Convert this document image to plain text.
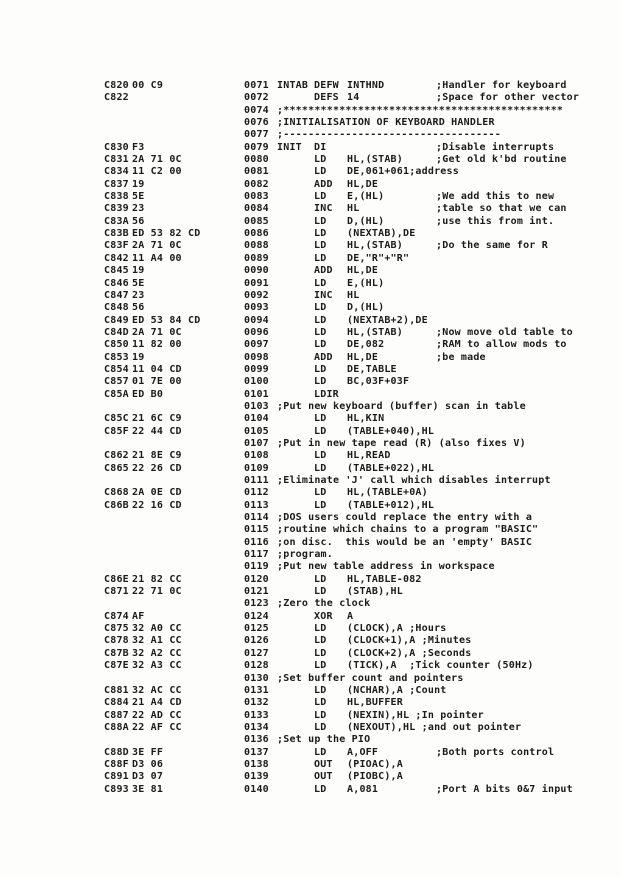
C820 00 C9	0071 INTAB DEFW INTHND	;Handler for keyboard
C822	0072	DEFS 14	;Space for other vector
0074 ;*********************************************
0076 ;INITIALISATION OF KEYBOARD HANDLER
0077 ;-----------------------------------
C830 F3	0079 INIT DI	;Disable interrupts
C831 2A 71 0C	0080	LD HL,(STAB)	;Get old k'bd routine
C834 11 C2 00	0081	LD DE,061+061;address
C837 19	0082	ADD HL,DE
C838 5E	0083	LD E,(HL)	;We add this to new
C839 23	0084	INC HL	;table so that we can
C83A 56	0085	LD D,(HL)	;use this from int.
C83B ED 53 82 CD	0086	LD (NEXTAB),DE
C83F 2A 71 0C	0088	LD HL,(STAB)	;Do the same for R
C842 11 A4 00	0089	LD DE,"R"+"R"
C845 19	0090	ADD HL,DE
C846 5E	0091	LD E,(HL)
C847 23	0092	INC HL
C848 56	0093	LD D,(HL)
C849 ED 53 84 CD	0094	LD (NEXTAB+2),DE
C84D 2A 71 0C	0096	LD HL,(STAB)	;Now move old table to
C850 11 82 00	0097	LD DE,082	;RAM to allow mods to
C853 19	0098	ADD HL,DE	;be made
C854 11 04 CD	0099	LD DE,TABLE
C857 01 7E 00	0100	LD BC,03F+03F
C85A ED B0	0101	LDIR
0103 ;Put new keyboard (buffer) scan in table
C85C 21 6C C9	0104	LD HL,KIN
C85F 22 44 CD	0105	LD (TABLE+040),HL
0107 ;Put in new tape read (R) (also fixes V)
C862 21 8E C9	0108	LD HL,READ
C865 22 26 CD	0109	LD (TABLE+022),HL
0111 ;Eliminate 'J' call which disables interrupt
C868 2A 0E CD	0112	LD HL,(TABLE+0A)
C86B 22 16 CD	0113	LD (TABLE+012),HL
0114 ;DOS users could replace the entry with a
0115 ;routine which chains to a program "BASIC"
0116 ;on disc.  this would be an 'empty' BASIC
0117 ;program.
0119 ;Put new table address in workspace
C86E 21 82 CC	0120	LD HL,TABLE-082
C871 22 71 0C	0121	LD (STAB),HL
0123 ;Zero the clock
C874 AF	0124	XOR A
C875 32 A0 CC	0125	LD (CLOCK),A ;Hours
C878 32 A1 CC	0126	LD (CLOCK+1),A ;Minutes
C87B 32 A2 CC	0127	LD (CLOCK+2),A ;Seconds
C87E 32 A3 CC	0128	LD (TICK),A  ;Tick counter (50Hz)
0130 ;Set buffer count and pointers
C881 32 AC CC	0131	LD (NCHAR),A ;Count
C884 21 A4 CD	0132	LD HL,BUFFER
C887 22 AD CC	0133	LD (NEXIN),HL ;In pointer
C88A 22 AF CC	0134	LD (NEXOUT),HL ;and out pointer
0136 ;Set up the PIO
C88D 3E FF	0137	LD A,OFF	;Both ports control
C88F D3 06	0138	OUT (PIOAC),A
C891 D3 07	0139	OUT (PIOBC),A
C893 3E 81	0140	LD A,081	;Port A bits 0&7 input
